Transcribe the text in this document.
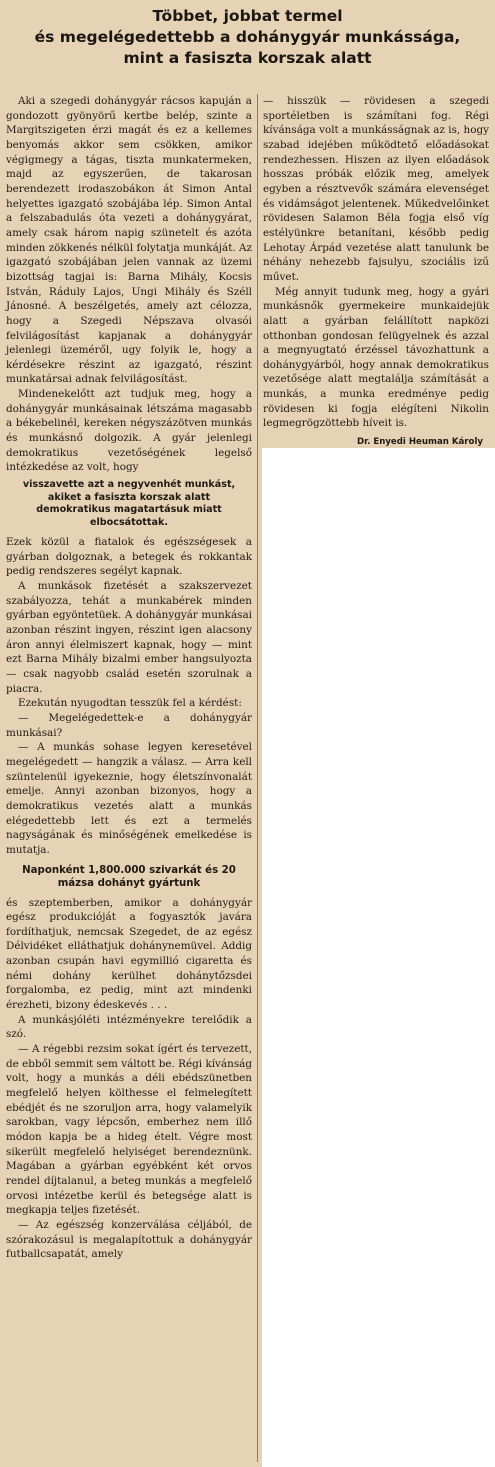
Többet, jobbat termel
és megelégedettebb a dohánygyár munkássága,
mint a fasiszta korszak alatt

Aki a szegedi dohánygyár rácsos kapuján a gondozott gyönyörű kertbe belép, szinte a Margitszigeten érzi magát és ez a kellemes benyomás akkor sem csökken, amikor végigmegy a tágas, tiszta munkatermeken, majd az egyszerűen, de takarosan berendezett irodaszobákon át Simon Antal helyettes igazgató szobájába lép. Simon Antal a felszabadulás óta vezeti a dohánygyárat, amely csak három napig szünetelt és azóta minden zökkenés nélkül folytatja munkáját. Az igazgató szobájában jelen vannak az üzemi bizottság tagjai is: Barna Mihály, Kocsis István, Ráduly Lajos, Ungi Mihály és Széll Jánosné. A beszélgetés, amely azt célozza, hogy a Szegedi Népszava olvasói felvilágosítást kapjanak a dohánygyár jelenlegi üzeméről, ugy folyik le, hogy a kérdésekre részint az igazgató, részint munkatársai adnak felvilágosítást.

Mindenekelőtt azt tudjuk meg, hogy a dohánygyár munkásainak létszáma magasabb a békebelinél, kereken négyszázötven munkás és munkásnő dolgozik. A gyár jelenlegi demokratikus vezetőségének legelső intézkedése az volt, hogy

visszavette azt a negyvenhét munkást, akiket a fasiszta korszak alatt demokratikus magatartásuk miatt elbocsátottak.

Ezek közül a fiatalok és egészségesek a gyárban dolgoznak, a betegek és rokkantak pedig rendszeres segélyt kapnak.

A munkások fizetését a szakszervezet szabályozza, tehát a munkabérek minden gyárban egyöntetüek. A dohánygyár munkásai azonban részint ingyen, részint igen alacsony áron annyi élelmiszert kapnak, hogy — mint ezt Barna Mihály bizalmi ember hangsulyozta — csak nagyobb család esetén szorulnak a piacra.

Ezekután nyugodtan tesszük fel a kérdést:

— Megelégedettek-e a dohánygyár munkásai?

— A munkás sohase legyen keresetével megelégedett — hangzik a válasz. — Arra kell szüntelenül igyekeznie, hogy életszínvonalát emelje. Annyi azonban bizonyos, hogy a demokratikus vezetés alatt a munkás elégedettebb lett és ezt a termelés nagyságának és minőségének emelkedése is mutatja.

Naponként 1,800.000 szivarkát és 20 mázsa dohányt gyártunk

és szeptemberben, amikor a dohánygyár egész produkcióját a fogyasztók javára fordíthatjuk, nemcsak Szegedet, de az egész Délvidéket elláthatjuk dohánynemüvel. Addig azonban csupán havi egymillió cigaretta és némi dohány kerülhet dohánytőzsdei forgalomba, ez pedig, mint azt mindenki érezheti, bizony édeskevés . . .

A munkásjóléti intézményekre terelődik a szó.

— A régebbi rezsim sokat ígért és tervezett, de ebből semmit sem váltott be. Régi kívánság volt, hogy a munkás a déli ebédszünetben megfelelő helyen költhesse el felmelegített ebédjét és ne szoruljon arra, hogy valamelyik sarokban, vagy lépcsőn, emberhez nem illő módon kapja be a hideg ételt. Végre most sikerült megfelelő helyiséget berendeznünk. Magában a gyárban egyébként két orvos rendel díjtalanul, a beteg munkás a megfelelő orvosi intézetbe kerül és betegsége alatt is megkapja teljes fizetését.

— Az egészség konzerválása céljából, de szórakozásul is megalapítottuk a dohánygyár futballcsapatát, amely

— hisszük — rövidesen a szegedi sportéletben is számítani fog. Régi kívánsága volt a munkásságnak az is, hogy szabad idejében működtető előadásokat rendezhessen. Hiszen az ilyen előadások hosszas próbák előzik meg, amelyek egyben a résztvevők számára elevenséget és vidámságot jelentenek. Műkedvelőinket rövidesen Salamon Béla fogja első víg estélyünkre betanítani, később pedig Lehotay Árpád vezetése alatt tanulunk be néhány nehezebb fajsulyu, szociális izű művet.

Még annyit tudunk meg, hogy a gyári munkásnők gyermekeire munkaidejük alatt a gyárban felállított napközi otthonban gondosan felügyelnek és azzal a megnyugtató érzéssel távozhattunk a dohánygyárból, hogy annak demokratikus vezetősége alatt megtalálja számítását a munkás, a munka eredménye pedig rövidesen ki fogja elégíteni Nikolin legmegrögzöttebb híveit is.

Dr. Enyedi Heuman Károly
